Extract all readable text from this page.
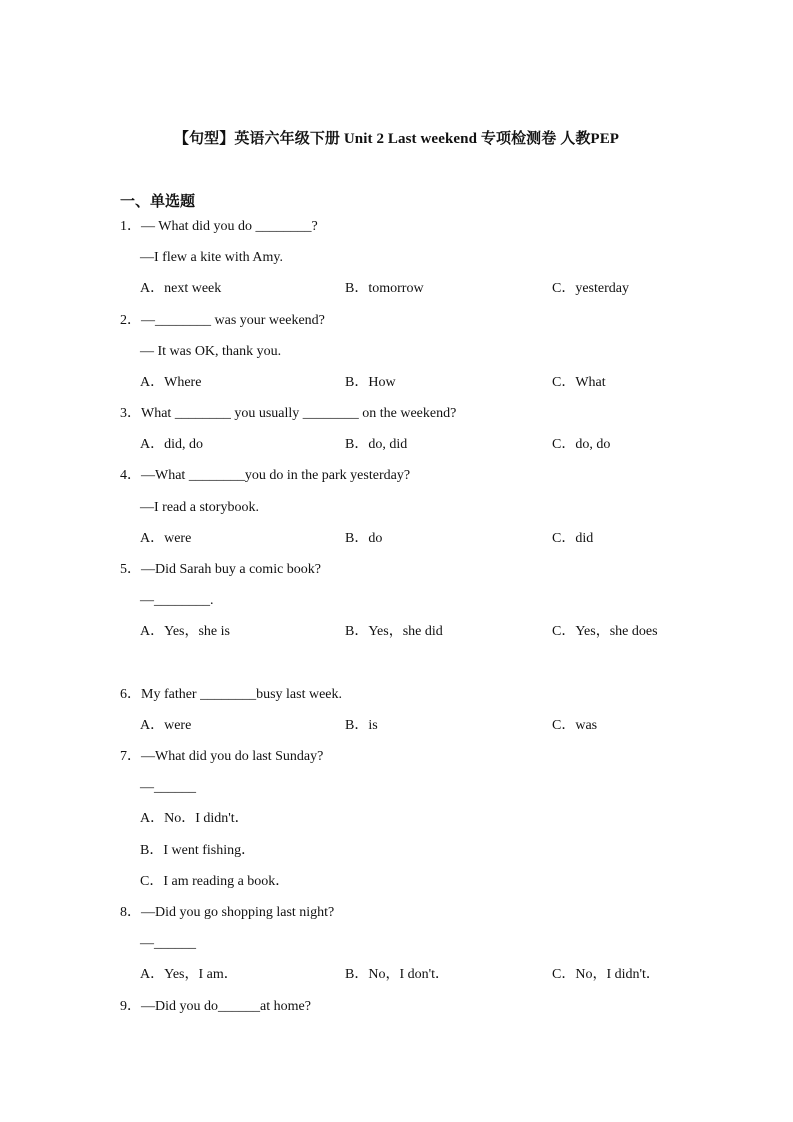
【句型】英语六年级下册 Unit 2 Last weekend 专项检测卷 人教PEP
一、单选题
1．— What did you do ________?
—I flew a kite with Amy.
A．next week	B．tomorrow	C．yesterday
2．—________ was your weekend?
— It was OK, thank you.
A．Where	B．How	C．What
3．What ________ you usually ________ on the weekend?
A．did, do	B．do, did	C．do, do
4．—What ________you do in the park yesterday?
—I read a storybook.
A．were	B．do	C．did
5．—Did Sarah buy a comic book?
—________.
A．Yes，she is	B．Yes，she did	C．Yes，she does
6．My father ________busy last week.
A．were	B．is	C．was
7．—What did you do last Sunday?
—______
A．No．I didn't．
B．I went fishing．
C．I am reading a book．
8．—Did you go shopping last night?
—______
A．Yes，I am．	B．No，I don't．	C．No，I didn't．
9．—Did you do______at home?
